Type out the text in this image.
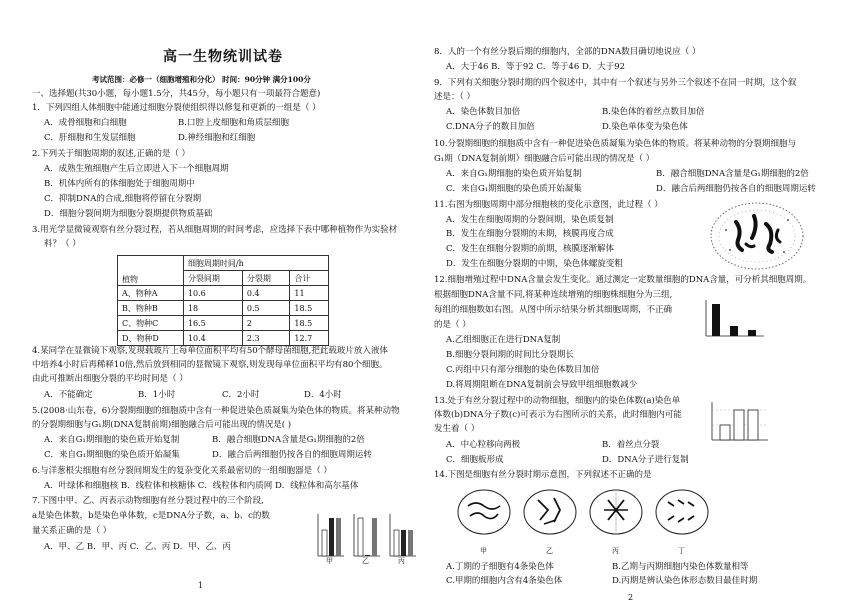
高一生物统训试卷
考试范围：必修一（细胞增殖和分化） 时间：90分钟 满分100分
一、选择题(共30小题，每小题1.5分，共45分，每小题只有一项最符合题意)
1．下列四组人体细胞中能通过细胞分裂使组织得以修复和更新的一组是（ ）
A．成骨细胞和白细胞	B.口腔上皮细胞和角质层细胞
C．肝细胞和生发层细胞	D.神经细胞和红细胞
2.下列关于细胞周期的叙述,正确的是（ ）
A．成熟生殖细胞产生后立即进入下一个细胞周期
B．机体内所有的体细胞处于细胞周期中
C．抑制DNA的合成,细胞将停留在分裂期
D．细胞分裂间期为细胞分裂期提供物质基础
3.用光学显微镜观察有丝分裂过程，若从细胞周期的时间考虑，应选择下表中哪种植物作为实验材
料？（ ）
植物	细胞周期时间/h		
	分裂间期	分裂期	合计
A、物种A	10.6	0.4	11
B、物种B	18	0.5	18.5
C、物种C	16.5	2	18.5
D、物种D	10.4	2.3	12.7
4.某同学在显微镜下观察,发现载玻片上每单位面积平均有50个酵母菌细胞,把此载玻片放入液体
中培养4小时后再稀释10倍,然后放到相同的显微镜下观察,则发现每单位面积平均有80个细胞。
由此可推断出细胞分裂的平均时间是（ ）
A．不能确定	B．1小时	C．2小时	D．4小时
5.(2008·山东卷，6)分裂期细胞的细胞质中含有一种促进染色质凝集为染色体的物质。将某种动物
的分裂期细胞与G₁期(DNA复制前期)细胞融合后可能出现的情况是( )
A．来自G₁期细胞的染色质开始复制	B．融合细胞DNA含量是G₁期细胞的2倍
C．来自G₁期细胞的染色质开始凝集	D．融合后两细胞仍按各自的细胞周期运转
6.与洋葱根尖细胞有丝分裂间期发生的复杂变化关系最密切的一组细胞器是（ ）
A．叶绿体和细胞核 B．线粒体和核糖体 C．线粒体和内质网 D．线粒体和高尔基体
7.下图中甲、乙、丙表示动物细胞有丝分裂过程中的三个阶段,
a是染色体数，b是染色单体数，c是DNA分子数，a、b、c的数
量关系正确的是（ ）
A．甲、乙 B．甲、丙 C．乙、丙 D．甲、乙、丙
甲	乙	丙
1
8．人的一个有丝分裂后期的细胞内，全部的DNA数目确切地说应（ ）
A．大于46 B．等于92 C．等于46 D．大于92
9．下列有关细胞分裂时期的四个叙述中，其中有一个叙述与另外三个叙述不在同一时期，这个叙
述是：（ ）
A．染色体数目加倍	B.染色体的着丝点数目加倍
C.DNA分子的数目加倍	D.染色单体变为染色体
10.分裂期细胞的细胞质中含有一种促进染色质凝集为染色体的物质。将某种动物的分裂期细胞与
G₁期（DNA复制前期）细胞融合后可能出现的情况是（ ）
A．来自G₁期细胞的染色质开始复制	B．融合细胞DNA含量是G₁期细胞的2倍
C．来自G₁期细胞的染色质开始凝集	D．融合后两细胞仍按各自的细胞周期运转
11.右图为细胞周期中部分细胞核的变化示意图，此过程（ ）
A．发生在细胞周期的分裂间期，染色质复制
B．发生在细胞分裂期的末期，核膜再度合成
C．发生在细胞分裂期的前期，核膜逐渐解体
D．发生在细胞分裂期的中期，染色体螺旋变粗
12.细胞增殖过程中DNA含量会发生变化。通过测定一定数量细胞的DNA含量，可分析其细胞周期。
根据细胞DNA含量不同,将某种连续增殖的细胞株细胞分为三组,
每组的细胞数如右图。从图中所示结果分析其细胞周期，不正确
的是（ ）
A.乙组细胞正在进行DNA复制
B.细胞分裂间期的时间比分裂期长
C.丙组中只有部分细胞的染色体数目加倍
D.将周期阻断在DNA复制前会导致甲组细胞数减少
13.处于有丝分裂过程中的动物细胞，细胞内的染色体数(a)染色单
体数(b)DNA分子数(c)可表示为右图所示的关系，此时细胞内可能
发生着（ ）
A．中心粒移向两极	B．着丝点分裂
C．细胞板形成	D．DNA分子进行复制
14.下图是细胞有丝分裂时期示意图，下列叙述不正确的是
A.丁期的子细胞有4条染色体	B.乙期与丙期细胞内染色体数量相等
C.甲期的细胞内含有4条染色体	D.丙期是辨认染色体形态数目最佳时期
甲	乙	丙	丁
2
